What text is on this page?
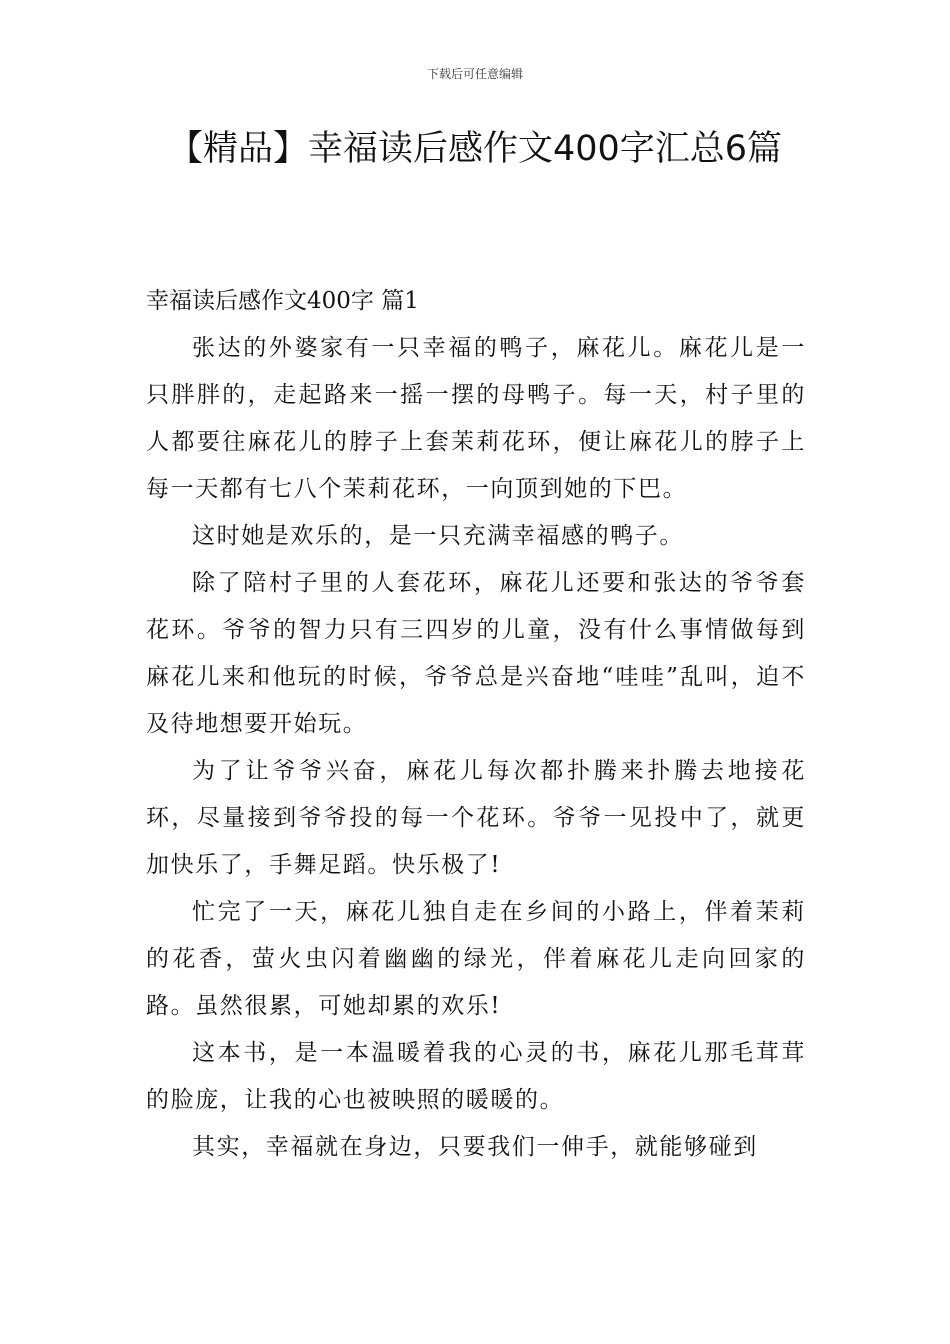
下载后可任意编辑
【精品】幸福读后感作文400字汇总6篇
幸福读后感作文400字 篇1

张达的外婆家有一只幸福的鸭子，麻花儿。麻花儿是一只胖胖的，走起路来一摇一摆的母鸭子。每一天，村子里的人都要往麻花儿的脖子上套茉莉花环，便让麻花儿的脖子上每一天都有七八个茉莉花环，一向顶到她的下巴。

这时她是欢乐的，是一只充满幸福感的鸭子。

除了陪村子里的人套花环，麻花儿还要和张达的爷爷套花环。爷爷的智力只有三四岁的儿童，没有什么事情做每到麻花儿来和他玩的时候，爷爷总是兴奋地“哇哇”乱叫，迫不及待地想要开始玩。

为了让爷爷兴奋，麻花儿每次都扑腾来扑腾去地接花环，尽量接到爷爷投的每一个花环。爷爷一见投中了，就更加快乐了，手舞足蹈。快乐极了!

忙完了一天，麻花儿独自走在乡间的小路上，伴着茉莉的花香，萤火虫闪着幽幽的绿光，伴着麻花儿走向回家的路。虽然很累，可她却累的欢乐!

这本书，是一本温暖着我的心灵的书，麻花儿那毛茸茸的脸庞，让我的心也被映照的暖暖的。

其实，幸福就在身边，只要我们一伸手，就能够碰到
